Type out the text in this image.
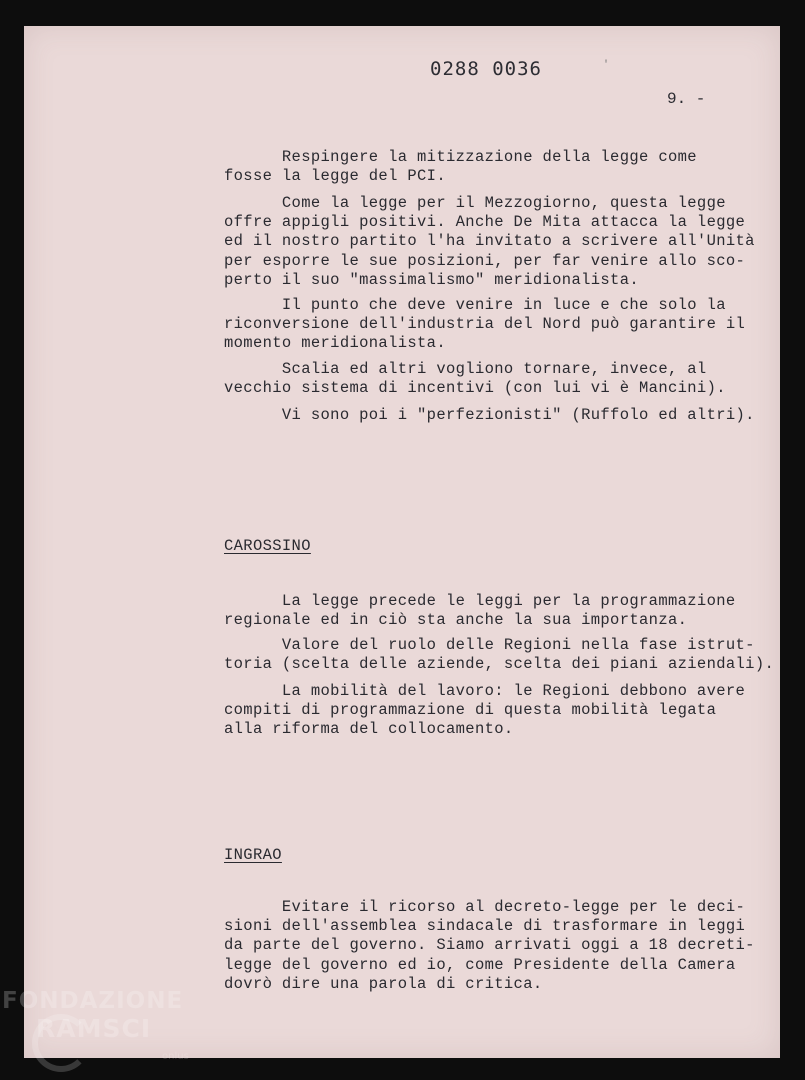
0288 0036	'
9. -
Respingere la mitizzazione della legge come
fosse la legge del PCI.
Come la legge per il Mezzogiorno, questa legge
offre appigli positivi. Anche De Mita attacca la legge
ed il nostro partito l'ha invitato a scrivere all'Unità
per esporre le sue posizioni, per far venire allo sco-
perto il suo "massimalismo" meridionalista.
Il punto che deve venire in luce e che solo la
riconversione dell'industria del Nord può garantire il
momento meridionalista.
Scalia ed altri vogliono tornare, invece, al
vecchio sistema di incentivi (con lui vi è Mancini).
Vi sono poi i "perfezionisti" (Ruffolo ed altri).
CAROSSINO
La legge precede le leggi per la programmazione
regionale ed in ciò sta anche la sua importanza.
Valore del ruolo delle Regioni nella fase istrut-
toria (scelta delle aziende, scelta dei piani aziendali).
La mobilità del lavoro: le Regioni debbono avere
compiti di programmazione di questa mobilità legata
alla riforma del collocamento.
INGRAO
Evitare il ricorso al decreto-legge per le deci-
sioni dell'assemblea sindacale di trasformare in leggi
da parte del governo. Siamo arrivati oggi a 18 decreti-
legge del governo ed io, come Presidente della Camera
dovrò dire una parola di critica.
FONDAZIONE
RAMSCI
onlus
